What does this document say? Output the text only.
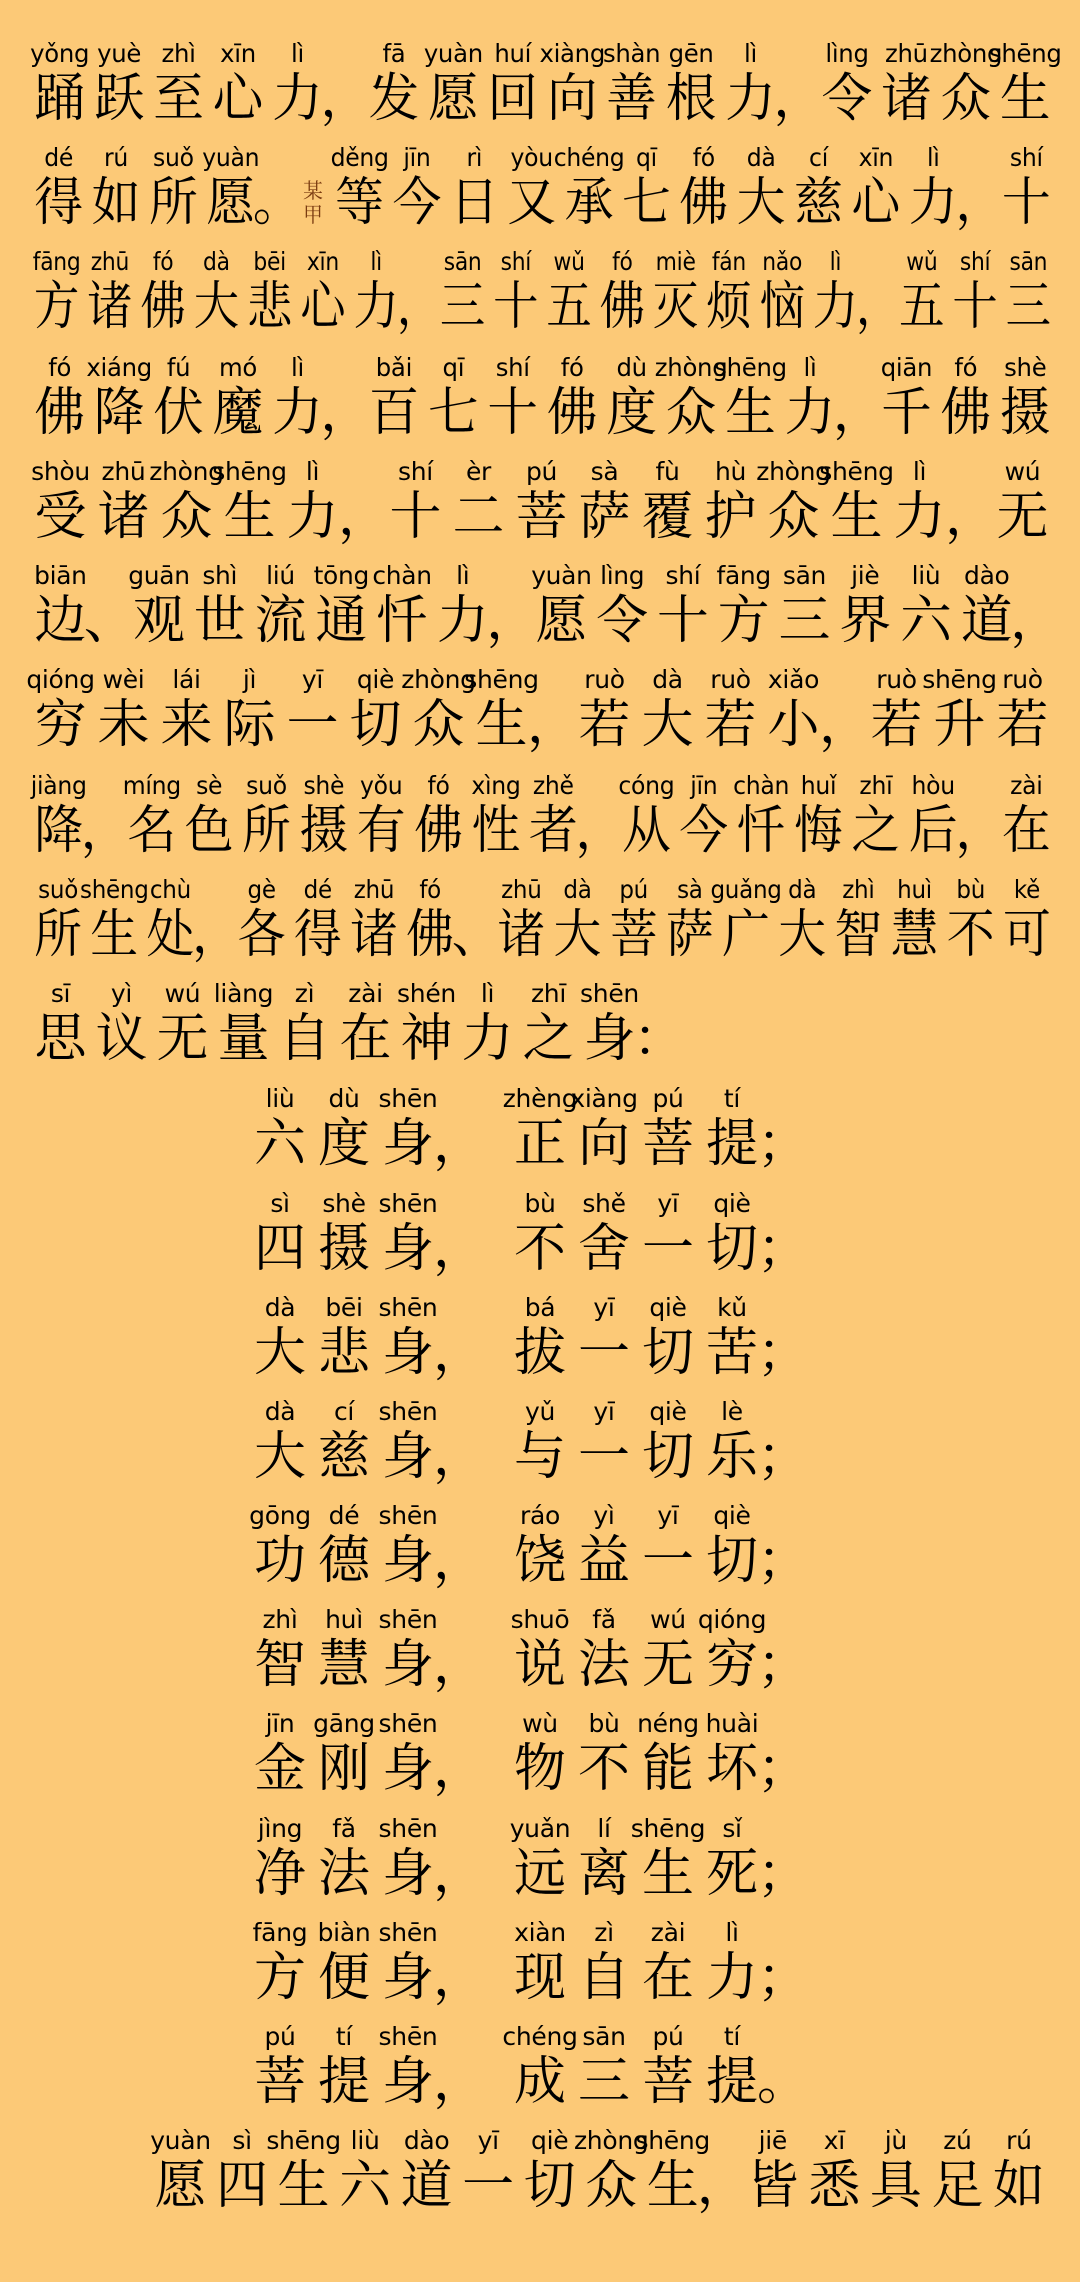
yǒng
踊
yuè
跃
zhì
至
xīn
心
lì
力
，
fā
发
yuàn
愿
huí
回
xiàng
向
shàn
善
gēn
根
lì
力
，
lìng
令
zhū
诸
zhòng
众
shēng
生
dé
得
rú
如
suǒ
所
yuàn
愿
。 某
甲
děng
等
jīn
今
rì
日
yòu
又
chéng
承
qī
七
fó
佛
dà
大
cí
慈
xīn
心
lì
力
，
shí
十
fāng
方
zhū
诸
fó
佛
dà
大
bēi
悲
xīn
心
lì
力
，
sān
三
shí
十
wǔ
五
fó
佛
miè
灭
fán
烦
nǎo
恼
lì
力
，
wǔ
五
shí
十
sān
三
fó
佛
xiáng
降
fú
伏
mó
魔
lì
力
，
bǎi
百
qī
七
shí
十
fó
佛
dù
度
zhòng
众
shēng
生
lì
力
，
qiān
千
fó
佛
shè
摄
shòu
受
zhū
诸
zhòng
众
shēng
生
lì
力 ，
shí
十
èr
二
pú
菩
sà
萨
fù
覆
hù
护
zhòng
众
shēng
生
lì
力 ，
wú
无
biān
边
、
guān
观
shì
世
liú
流
tōng
通
chàn
忏
lì
力
，
yuàn
愿
lìng
令
shí
十
fāng
方
sān
三
jiè
界
liù
六
dào
道
，
qióng
穷
wèi
未
lái
来
jì
际
yī
一
qiè
切
zhòng
众
shēng
生 ，
ruò
若
dà
大
ruò
若
xiǎo
小 ，
ruò
若
shēng
升
ruò
若
jiàng
降
，
míng
名
sè
色
suǒ
所
shè
摄
yǒu
有
fó
佛
xìng
性
zhě
者
，
cóng
从
jīn
今
chàn
忏
huǐ
悔
zhī
之
hòu
后
，
zài
在
suǒ
所
shēng
生
chù
处
，
gè
各
dé
得
zhū
诸
fó
佛
、
zhū
诸
dà
大
pú
菩
sà
萨
guǎng
广
dà
大
zhì
智
huì
慧
bù
不
kě
可
sī
思
yì
议
wú
无
liàng
量
zì
自
zài
在
shén
神
lì
力
zhī
之
shēn
身
：
liù
六
dù
度
shēn
身 ，
zhèng
正
xiàng
向
pú
菩
tí
提 ；
sì
四
shè
摄
shēn
身 ，
bù
不
shě
舍
yī
一
qiè
切 ；
dà
大
bēi
悲
shēn
身 ，
bá
拔
yī
一
qiè
切
kǔ
苦 ；
dà
大
cí
慈
shēn
身 ，
yǔ
与
yī
一
qiè
切
lè
乐 ；
gōng
功
dé
德
shēn
身 ，
ráo
饶
yì
益
yī
一
qiè
切 ；
zhì
智
huì
慧
shēn
身 ，
shuō
说
fǎ
法
wú
无
qióng
穷 ；
jīn
金
gāng
刚
shēn
身 ，
wù
物
bù
不
néng
能
huài
坏 ；
jìng
净
fǎ
法
shēn
身 ，
yuǎn
远
lí
离
shēng
生
sǐ
死 ；
fāng
方
biàn
便
shēn
身 ，
xiàn
现
zì
自
zài
在
lì
力 ；
pú
菩
tí
提
shēn
身 ，
chéng
成
sān
三
pú
菩
tí
提 。
yuàn
愿
sì
四
shēng
生
liù
六
dào
道
yī
一
qiè
切
zhòng
众
shēng
生
，
jiē
皆
xī
悉
jù
具
zú
足
rú
如
